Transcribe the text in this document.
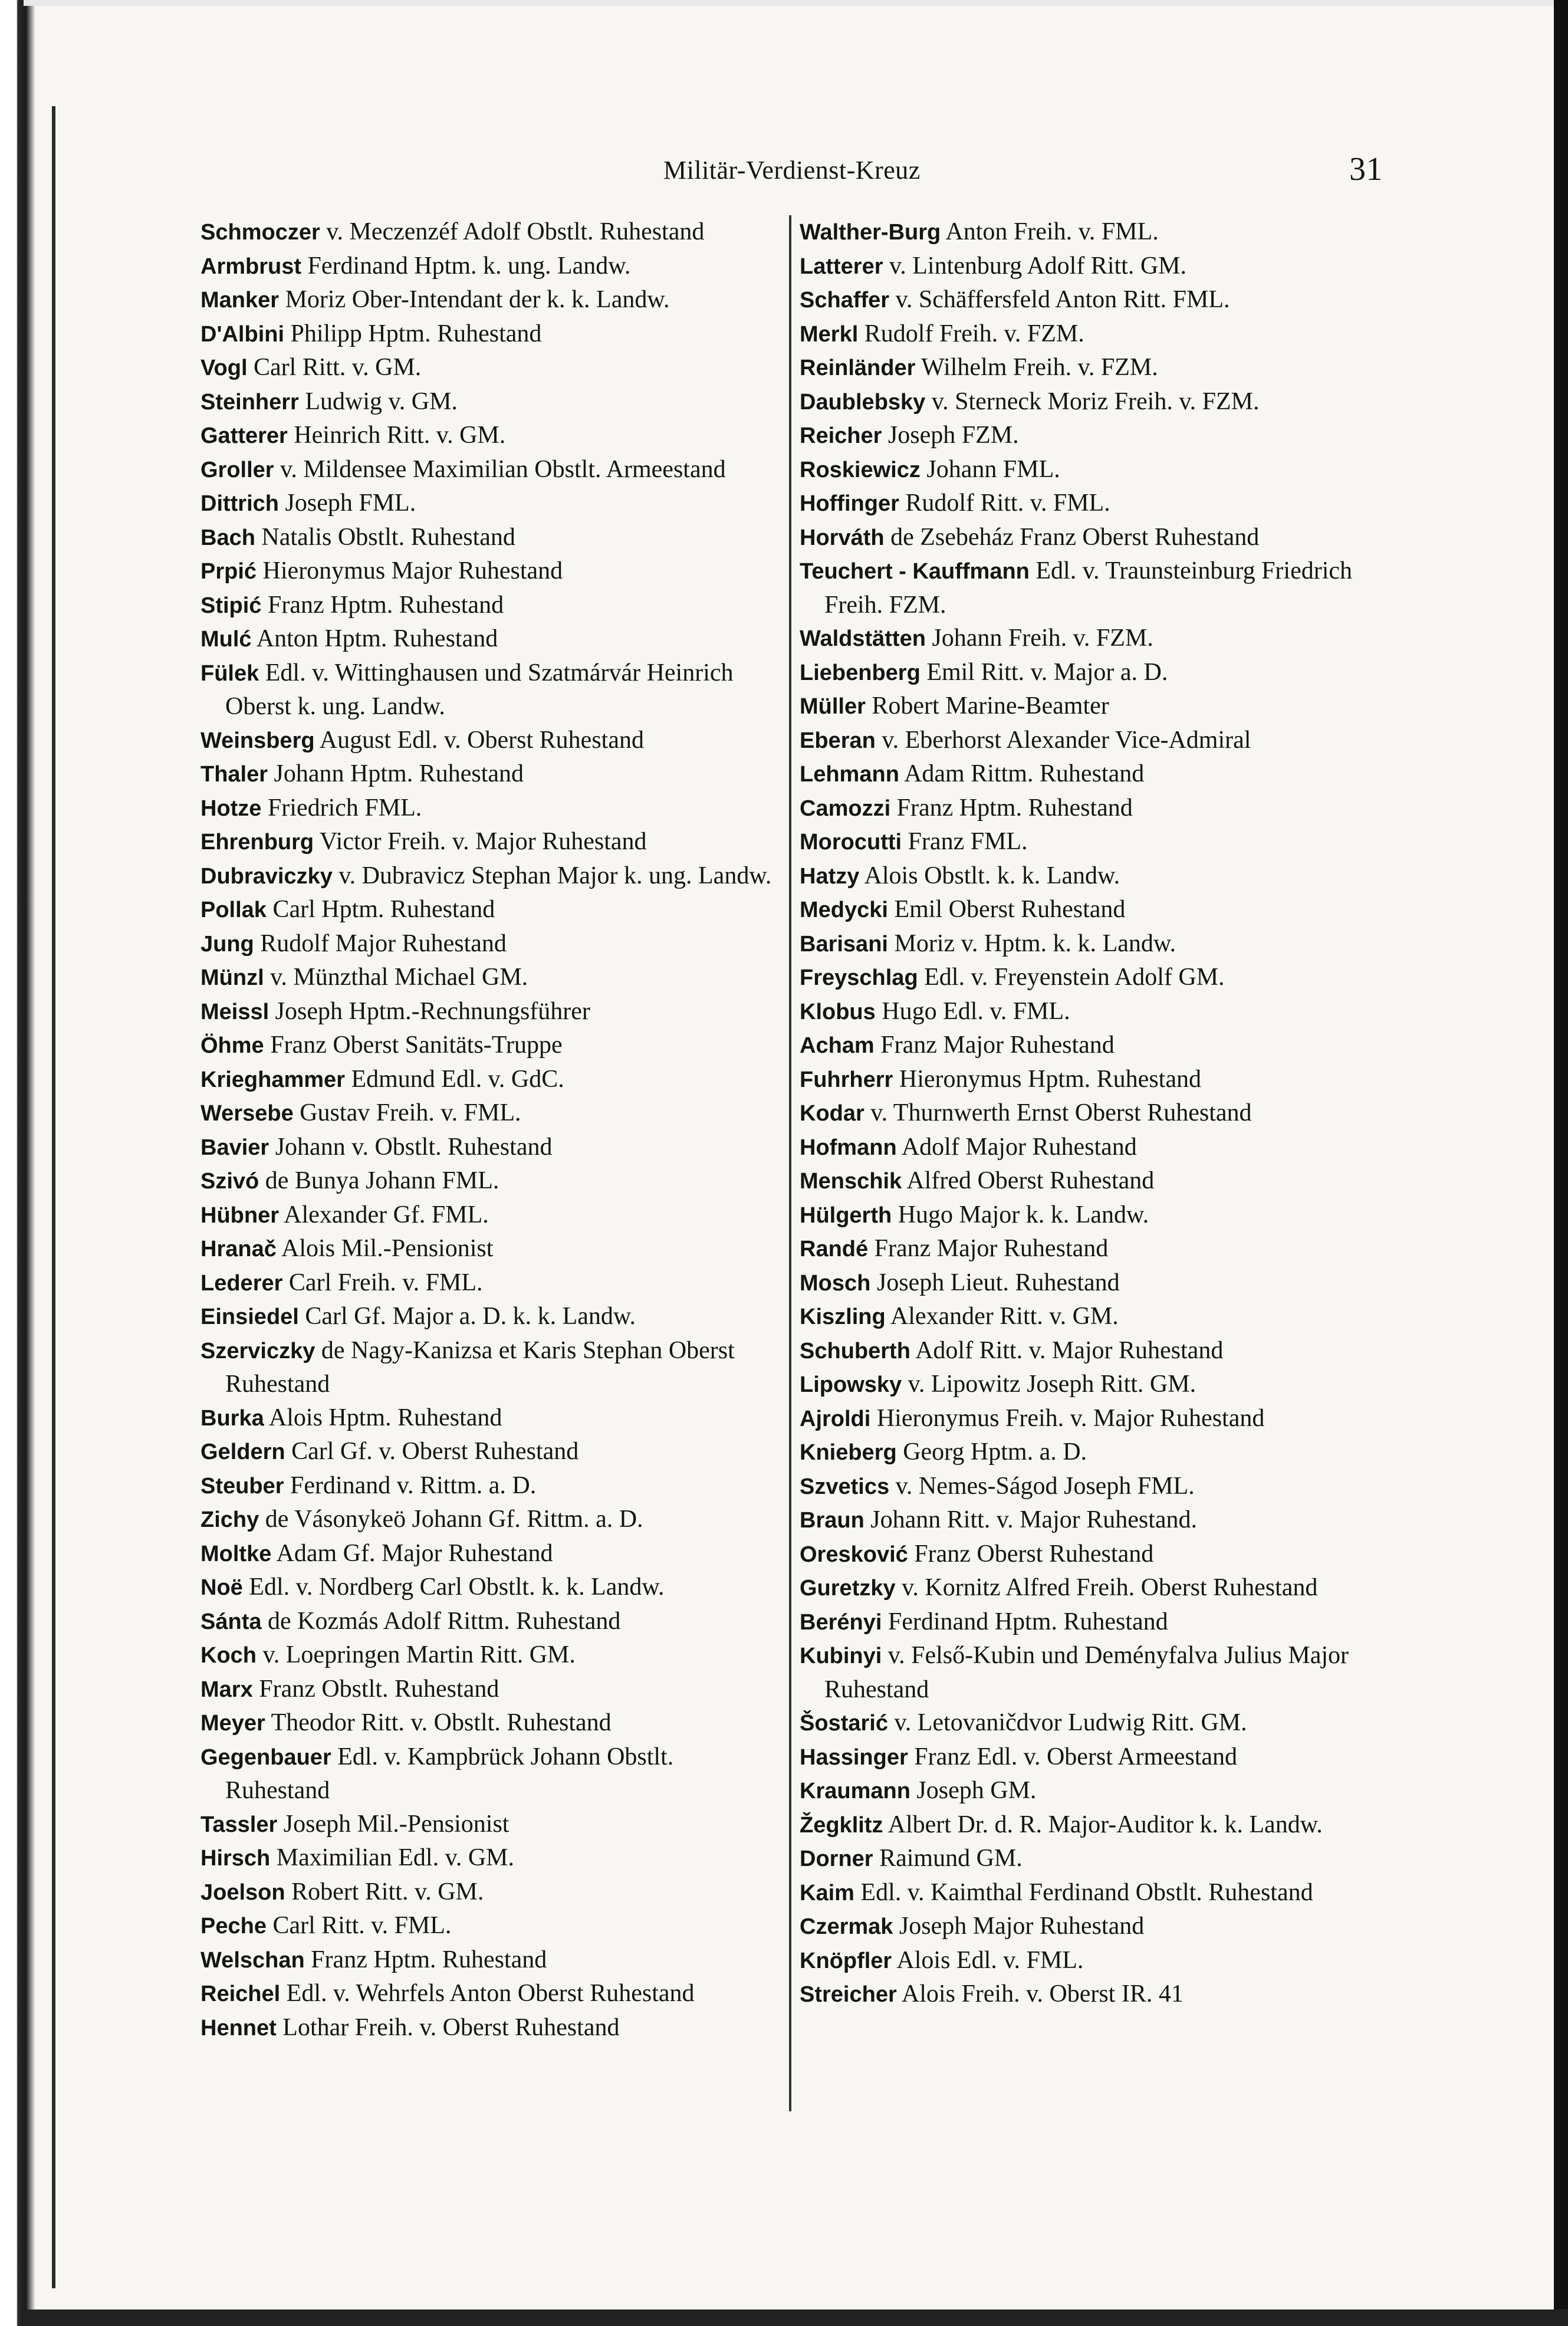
Militär-Verdienst-Kreuz	31
Schmoczer v. Meczenzéf Adolf Obstlt. Ruhestand
Armbrust Ferdinand Hptm. k. ung. Landw.
Manker Moriz Ober-Intendant der k. k. Landw.
D'Albini Philipp Hptm. Ruhestand
Vogl Carl Ritt. v. GM.
Steinherr Ludwig v. GM.
Gatterer Heinrich Ritt. v. GM.
Groller v. Mildensee Maximilian Obstlt. Armeestand
Dittrich Joseph FML.
Bach Natalis Obstlt. Ruhestand
Prpić Hieronymus Major Ruhestand
Stipić Franz Hptm. Ruhestand
Mulć Anton Hptm. Ruhestand
Fülek Edl. v. Wittinghausen und Szatmárvár Heinrich Oberst k. ung. Landw.
Weinsberg August Edl. v. Oberst Ruhestand
Thaler Johann Hptm. Ruhestand
Hotze Friedrich FML.
Ehrenburg Victor Freih. v. Major Ruhestand
Dubraviczky v. Dubravicz Stephan Major k. ung. Landw.
Pollak Carl Hptm. Ruhestand
Jung Rudolf Major Ruhestand
Münzl v. Münzthal Michael GM.
Meissl Joseph Hptm.-Rechnungsführer
Öhme Franz Oberst Sanitäts-Truppe
Krieghammer Edmund Edl. v. GdC.
Wersebe Gustav Freih. v. FML.
Bavier Johann v. Obstlt. Ruhestand
Szivó de Bunya Johann FML.
Hübner Alexander Gf. FML.
Hranač Alois Mil.-Pensionist
Lederer Carl Freih. v. FML.
Einsiedel Carl Gf. Major a. D. k. k. Landw.
Szerviczky de Nagy-Kanizsa et Karis Stephan Oberst Ruhestand
Burka Alois Hptm. Ruhestand
Geldern Carl Gf. v. Oberst Ruhestand
Steuber Ferdinand v. Rittm. a. D.
Zichy de Vásonykeö Johann Gf. Rittm. a. D.
Moltke Adam Gf. Major Ruhestand
Noë Edl. v. Nordberg Carl Obstlt. k. k. Landw.
Sánta de Kozmás Adolf Rittm. Ruhestand
Koch v. Loepringen Martin Ritt. GM.
Marx Franz Obstlt. Ruhestand
Meyer Theodor Ritt. v. Obstlt. Ruhestand
Gegenbauer Edl. v. Kampbrück Johann Obstlt. Ruhestand
Tassler Joseph Mil.-Pensionist
Hirsch Maximilian Edl. v. GM.
Joelson Robert Ritt. v. GM.
Peche Carl Ritt. v. FML.
Welschan Franz Hptm. Ruhestand
Reichel Edl. v. Wehrfels Anton Oberst Ruhestand
Hennet Lothar Freih. v. Oberst Ruhestand
Walther-Burg Anton Freih. v. FML.
Latterer v. Lintenburg Adolf Ritt. GM.
Schaffer v. Schäffersfeld Anton Ritt. FML.
Merkl Rudolf Freih. v. FZM.
Reinländer Wilhelm Freih. v. FZM.
Daublebsky v. Sterneck Moriz Freih. v. FZM.
Reicher Joseph FZM.
Roskiewicz Johann FML.
Hoffinger Rudolf Ritt. v. FML.
Horváth de Zsebeház Franz Oberst Ruhestand
Teuchert - Kauffmann Edl. v. Traunsteinburg Friedrich Freih. FZM.
Waldstätten Johann Freih. v. FZM.
Liebenberg Emil Ritt. v. Major a. D.
Müller Robert Marine-Beamter
Eberan v. Eberhorst Alexander Vice-Admiral
Lehmann Adam Rittm. Ruhestand
Camozzi Franz Hptm. Ruhestand
Morocutti Franz FML.
Hatzy Alois Obstlt. k. k. Landw.
Medycki Emil Oberst Ruhestand
Barisani Moriz v. Hptm. k. k. Landw.
Freyschlag Edl. v. Freyenstein Adolf GM.
Klobus Hugo Edl. v. FML.
Acham Franz Major Ruhestand
Fuhrherr Hieronymus Hptm. Ruhestand
Kodar v. Thurnwerth Ernst Oberst Ruhestand
Hofmann Adolf Major Ruhestand
Menschik Alfred Oberst Ruhestand
Hülgerth Hugo Major k. k. Landw.
Randé Franz Major Ruhestand
Mosch Joseph Lieut. Ruhestand
Kiszling Alexander Ritt. v. GM.
Schuberth Adolf Ritt. v. Major Ruhestand
Lipowsky v. Lipowitz Joseph Ritt. GM.
Ajroldi Hieronymus Freih. v. Major Ruhestand
Knieberg Georg Hptm. a. D.
Szvetics v. Nemes-Ságod Joseph FML.
Braun Johann Ritt. v. Major Ruhestand.
Oresković Franz Oberst Ruhestand
Guretzky v. Kornitz Alfred Freih. Oberst Ruhestand
Berényi Ferdinand Hptm. Ruhestand
Kubinyi v. Felső-Kubin und Deményfalva Julius Major Ruhestand
Šostarić v. Letovaničdvor Ludwig Ritt. GM.
Hassinger Franz Edl. v. Oberst Armeestand
Kraumann Joseph GM.
Žegklitz Albert Dr. d. R. Major-Auditor k. k. Landw.
Dorner Raimund GM.
Kaim Edl. v. Kaimthal Ferdinand Obstlt. Ruhestand
Czermak Joseph Major Ruhestand
Knöpfler Alois Edl. v. FML.
Streicher Alois Freih. v. Oberst IR. 41
